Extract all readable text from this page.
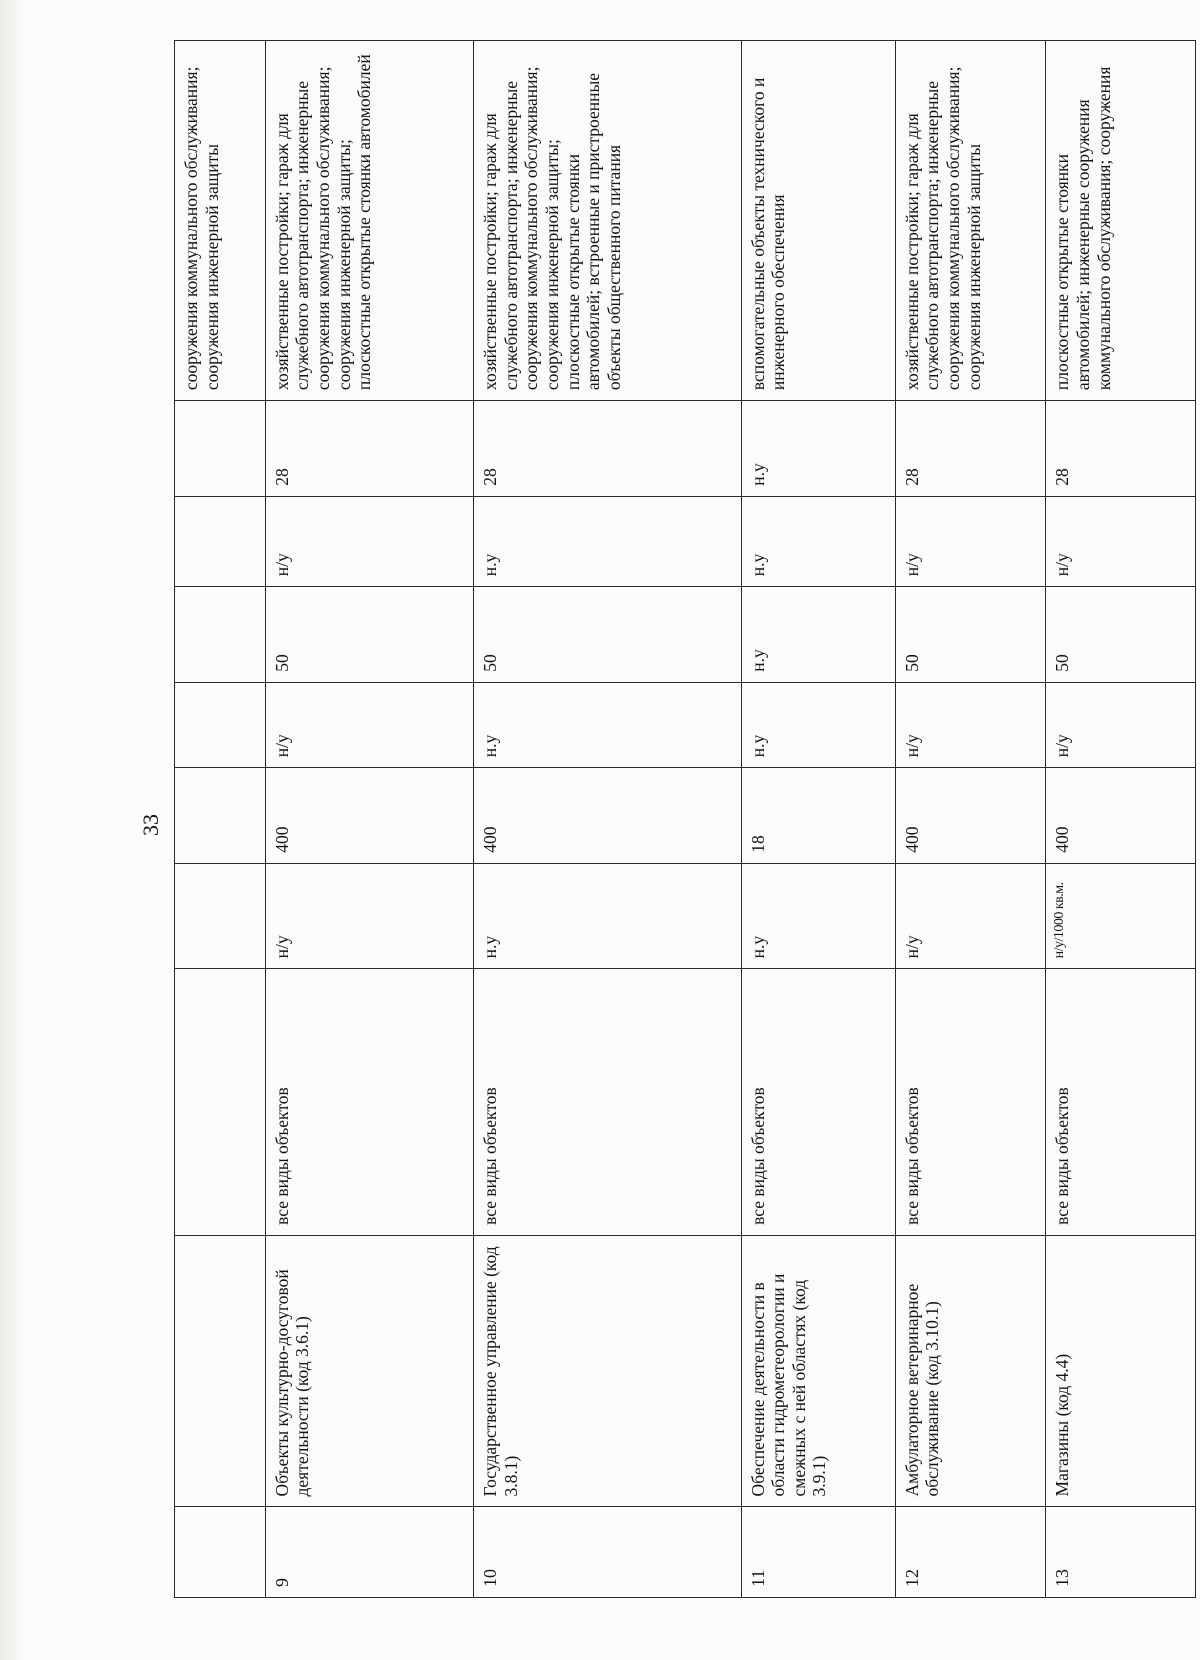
33
									сооружения коммунального обслуживания; сооружения инженерной защиты
9	Объекты культурно-досуговой деятельности (код 3.6.1)	все виды объектов	н/у	400	н/у	50	н/у	28	хозяйственные постройки; гараж для служебного автотранспорта; инженерные сооружения коммунального обслуживания; сооружения инженерной защиты; плоскостные открытые стоянки автомобилей
10	Государственное управление (код 3.8.1)	все виды объектов	н.у	400	н.у	50	н.у	28	хозяйственные постройки; гараж для служебного автотранспорта; инженерные сооружения коммунального обслуживания; сооружения инженерной защиты; плоскостные открытые стоянки автомобилей; встроенные и пристроенные объекты общественного питания
11	Обеспечение деятельности в области гидрометеорологии и смежных с ней областях (код 3.9.1)	все виды объектов	н.у	18	н.у	н.у	н.у	н.у	вспомогательные объекты технического и инженерного обеспечения
12	Амбулаторное ветеринарное обслуживание (код 3.10.1)	все виды объектов	н/у	400	н/у	50	н/у	28	хозяйственные постройки; гараж для служебного автотранспорта; инженерные сооружения коммунального обслуживания; сооружения инженерной защиты
13	Магазины (код 4.4)	все виды объектов	н/у/1000 кв.м.	400	н/у	50	н/у	28	плоскостные открытые стоянки автомобилей; инженерные сооружения коммунального обслуживания; сооружения
